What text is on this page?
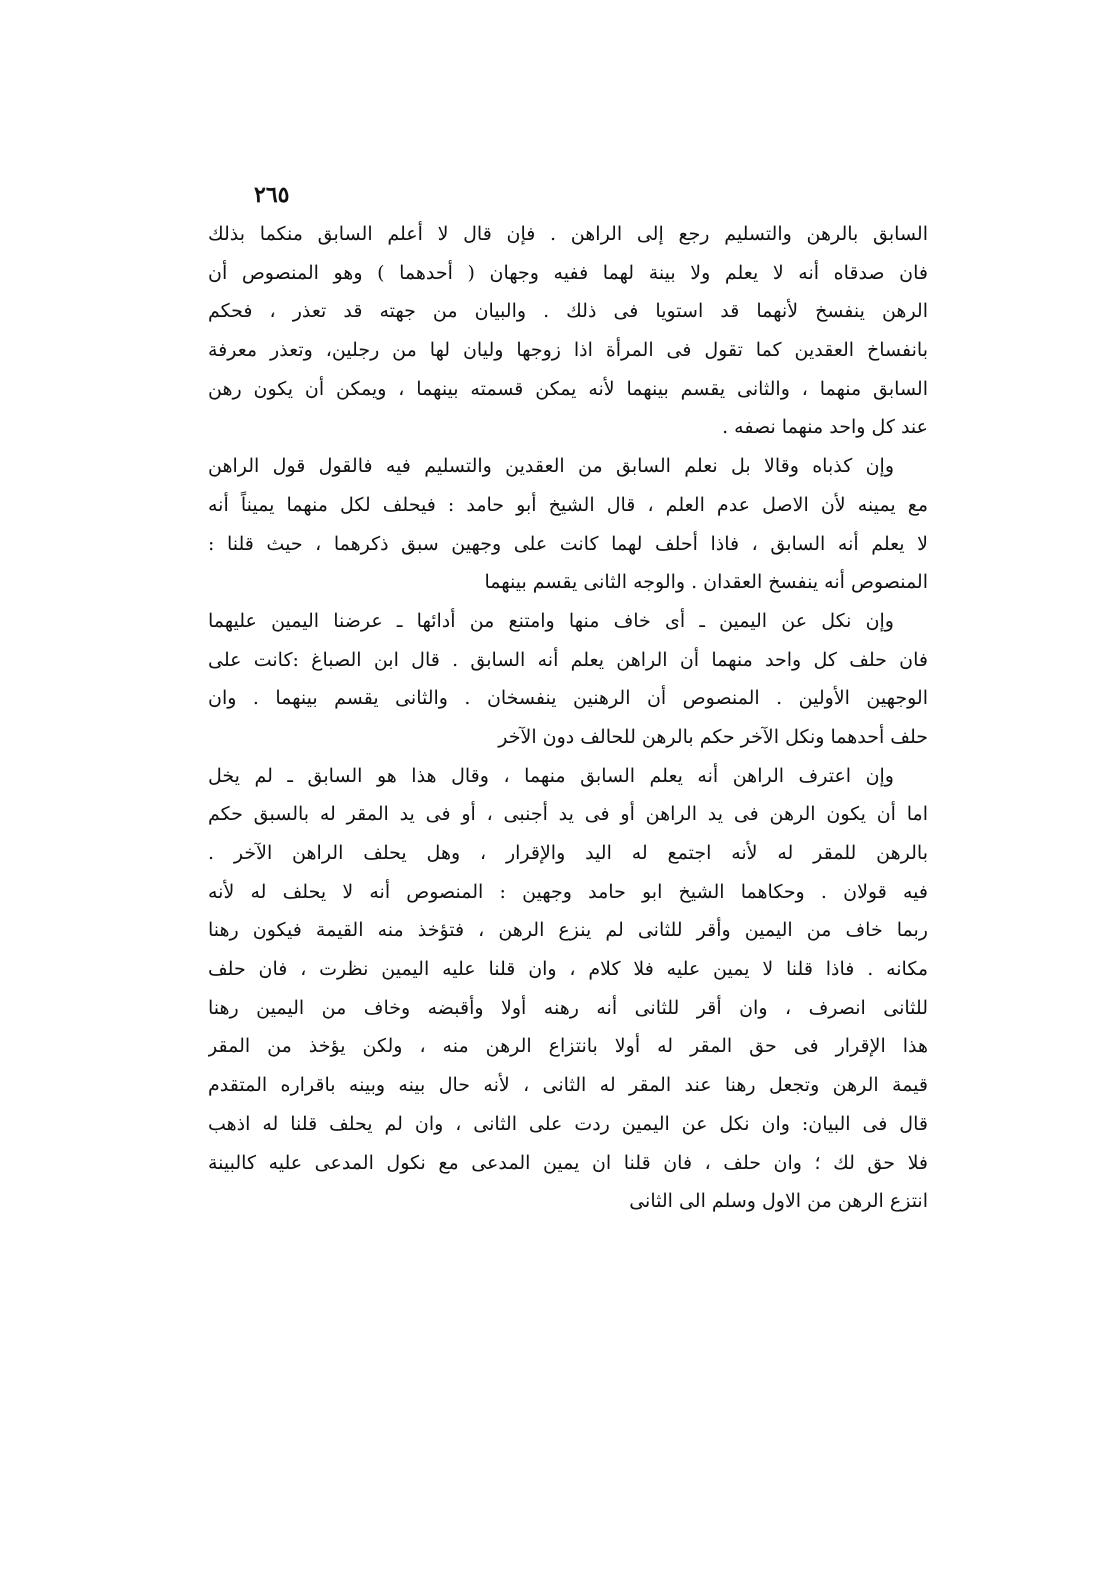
٢٦٥
السابق بالرهن والتسليم رجع إلى الراهن . فإن قال لا أعلم السابق منكما بذلك
فان صدقاه أنه لا يعلم ولا بينة لهما ففيه وجهان ( أحدهما ) وهو المنصوص أن
الرهن ينفسخ لأنهما قد استويا فى ذلك . والبيان من جهته قد تعذر ، فحكم
بانفساخ العقدين كما تقول فى المرأة اذا زوجها وليان لها من رجلين، وتعذر معرفة
السابق منهما ، والثانى يقسم بينهما لأنه يمكن قسمته بينهما ، ويمكن أن يكون رهن
عند كل واحد منهما نصفه .
وإن كذباه وقالا بل نعلم السابق من العقدين والتسليم فيه فالقول قول الراهن
مع يمينه لأن الاصل عدم العلم ، قال الشيخ أبو حامد : فيحلف لكل منهما يميناً أنه
لا يعلم أنه السابق ، فاذا أحلف لهما كانت على وجهين سبق ذكرهما ، حيث قلنا :
المنصوص أنه ينفسخ العقدان . والوجه الثانى يقسم بينهما
وإن نكل عن اليمين ـ أى خاف منها وامتنع من أدائها ـ عرضنا اليمين عليهما
فان حلف كل واحد منهما أن الراهن يعلم أنه السابق . قال ابن الصباغ :كانت على
الوجهين الأولين . المنصوص أن الرهنين ينفسخان . والثانى يقسم بينهما . وان
حلف أحدهما ونكل الآخر حكم بالرهن للحالف دون الآخر
وإن اعترف الراهن أنه يعلم السابق منهما ، وقال هذا هو السابق ـ لم يخل
اما أن يكون الرهن فى يد الراهن أو فى يد أجنبى ، أو فى يد المقر له بالسبق حكم
بالرهن للمقر له لأنه اجتمع له اليد والإقرار ، وهل يحلف الراهن الآخر .
فيه قولان . وحكاهما الشيخ ابو حامد وجهين : المنصوص أنه لا يحلف له لأنه
ربما خاف من اليمين وأقر للثانى لم ينزع الرهن ، فتؤخذ منه القيمة فيكون رهنا
مكانه . فاذا قلنا لا يمين عليه فلا كلام ، وان قلنا عليه اليمين نظرت ، فان حلف
للثانى انصرف ، وان أقر للثانى أنه رهنه أولا وأقبضه وخاف من اليمين رهنا
هذا الإقرار فى حق المقر له أولا بانتزاع الرهن منه ، ولكن يؤخذ من المقر
قيمة الرهن وتجعل رهنا عند المقر له الثانى ، لأنه حال بينه وبينه باقراره المتقدم
قال فى البيان: وان نكل عن اليمين ردت على الثانى ، وان لم يحلف قلنا له اذهب
فلا حق لك ؛ وان حلف ، فان قلنا ان يمين المدعى مع نكول المدعى عليه كالبينة
انتزع الرهن من الاول وسلم الى الثانى
